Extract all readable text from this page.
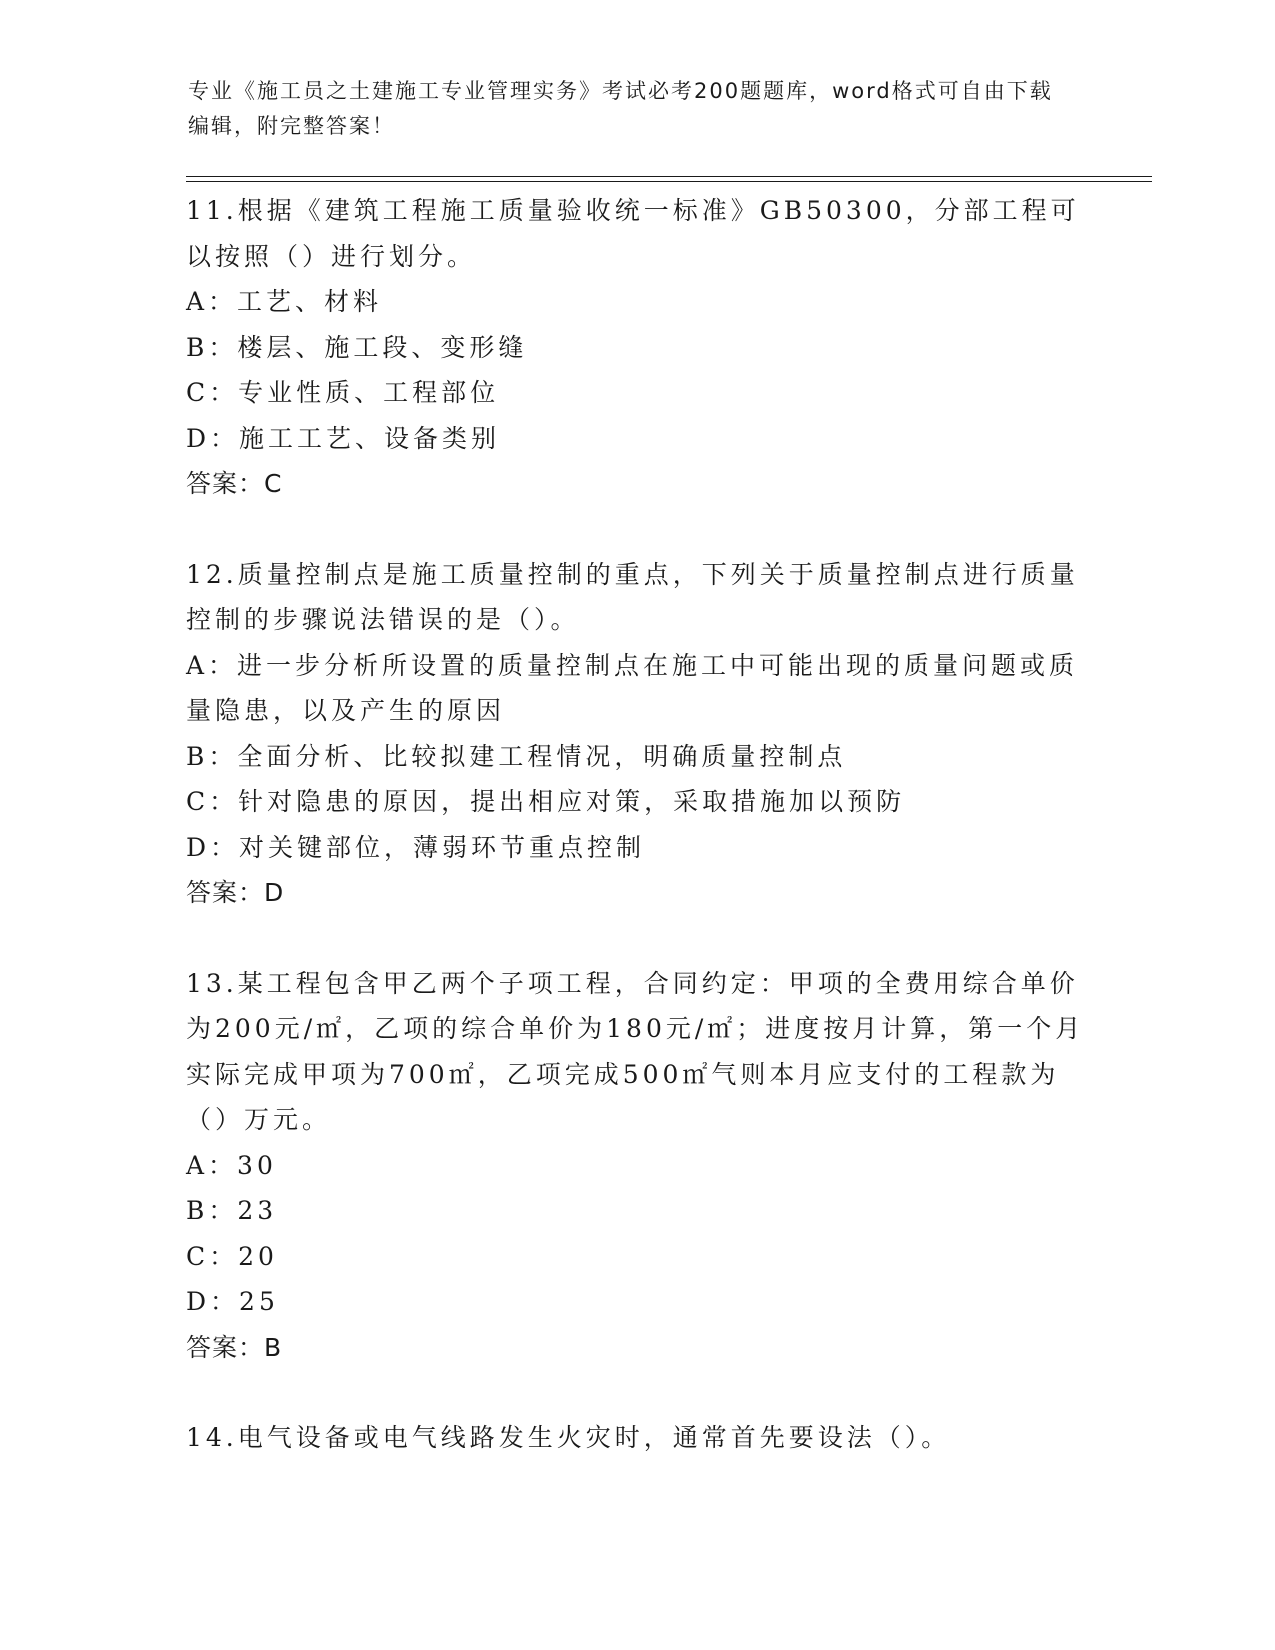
专业《施工员之土建施工专业管理实务》考试必考200题题库，word格式可自由下载编辑，附完整答案！
11.根据《建筑工程施工质量验收统一标准》GB50300，分部工程可以按照（）进行划分。
A：工艺、材料
B：楼层、施工段、变形缝
C：专业性质、工程部位
D：施工工艺、设备类别
答案：C
12.质量控制点是施工质量控制的重点，下列关于质量控制点进行质量控制的步骤说法错误的是（）。
A：进一步分析所设置的质量控制点在施工中可能出现的质量问题或质量隐患，以及产生的原因
B：全面分析、比较拟建工程情况，明确质量控制点
C：针对隐患的原因，提出相应对策，采取措施加以预防
D：对关键部位，薄弱环节重点控制
答案：D
13.某工程包含甲乙两个子项工程，合同约定：甲项的全费用综合单价为200元/㎡，乙项的综合单价为180元/㎡；进度按月计算，第一个月实际完成甲项为700㎡，乙项完成500㎡气则本月应支付的工程款为（）万元。
A：30
B：23
C：20
D：25
答案：B
14.电气设备或电气线路发生火灾时，通常首先要设法（）。
